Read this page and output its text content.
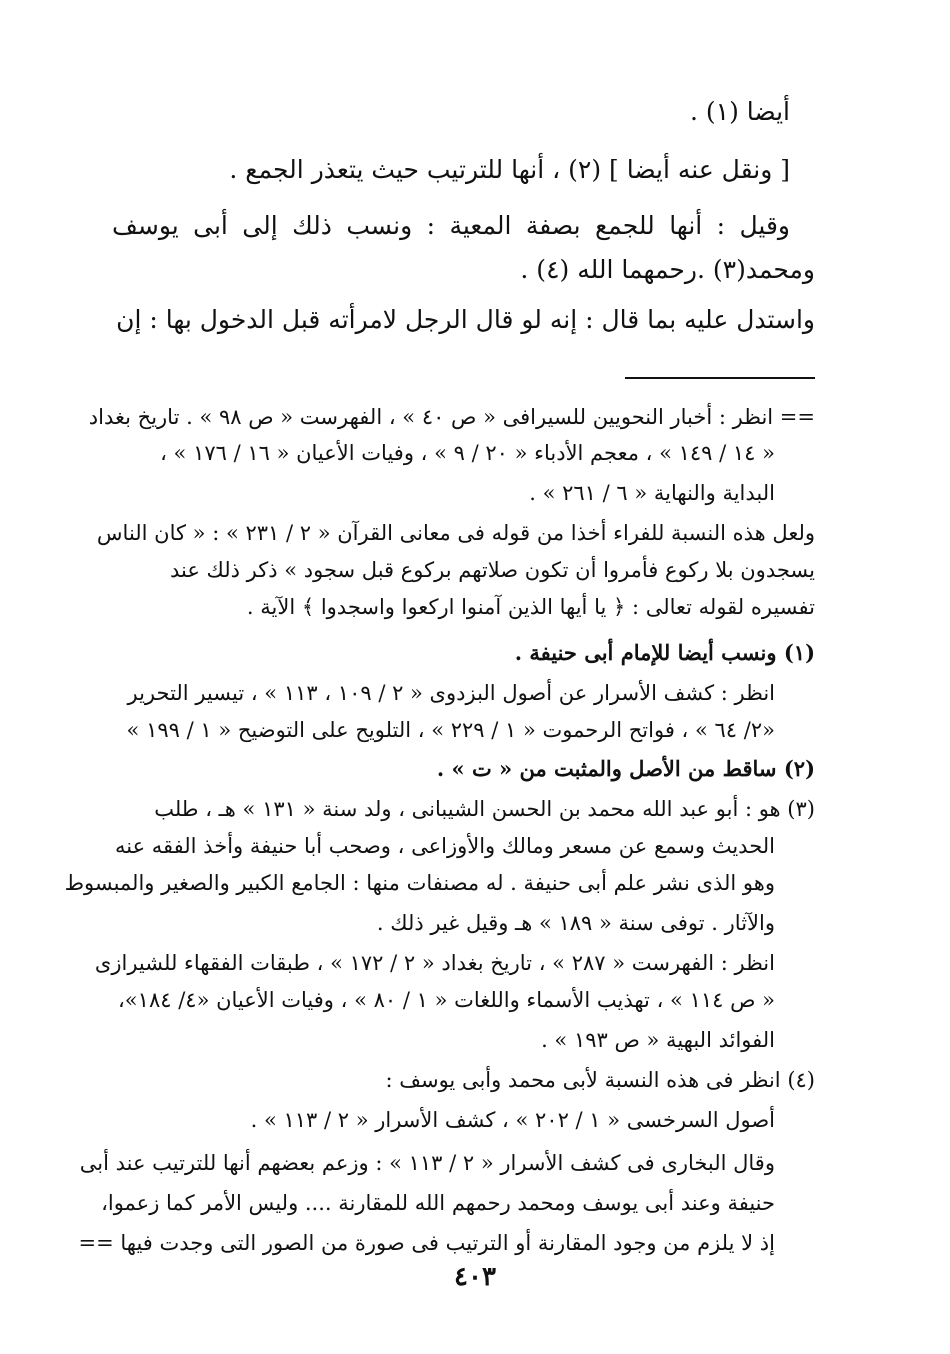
أيضا ‏(١)‏ .
[ ونقل عنه أيضا ] ‏(٢)‏ ، أنها للترتيب حيث يتعذر الجمع .
وقيل : أنها للجمع بصفة المعية : ونسب ذلك إلى أبى يوسف
ومحمد‏(٣)‏ .رحمهما الله ‏(٤)‏ .
واستدل عليه بما قال : إنه لو قال الرجل لامرأته قبل الدخول بها : إن
== انظر : أخبار النحويين للسيرافى « ص ٤٠ » ، الفهرست « ص ٩٨ » . تاريخ بغداد
« ١٤ / ١٤٩ » ، معجم الأدباء « ٢٠ / ٩ » ، وفيات الأعيان « ١٦ / ١٧٦ » ،
البداية والنهاية « ٦ / ٢٦١ » .
ولعل هذه النسبة للفراء أخذا من قوله فى معانى القرآن « ٢ / ٢٣١ » : « كان الناس
يسجدون بلا ركوع فأمروا أن تكون صلاتهم بركوع قبل سجود » ذكر ذلك عند
تفسيره لقوله تعالى : ﴿ يا أيها الذين آمنوا اركعوا واسجدوا ﴾ الآية .
(١) ونسب أيضا للإمام أبى حنيفة .
انظر : كشف الأسرار عن أصول البزدوى « ٢ / ١٠٩ ، ١١٣ » ، تيسير التحرير
«٢/ ٦٤ » ، فواتح الرحموت « ١ / ٢٢٩ » ، التلويح على التوضيح « ١ / ١٩٩ »
(٢) ساقط من الأصل والمثبت من « ت » .
(٣) هو : أبو عبد الله محمد بن الحسن الشيبانى ، ولد سنة « ١٣١ » هـ ، طلب
الحديث وسمع عن مسعر ومالك والأوزاعى ، وصحب أبا حنيفة وأخذ الفقه عنه
وهو الذى نشر علم أبى حنيفة . له مصنفات منها : الجامع الكبير والصغير والمبسوط
والآثار . توفى سنة « ١٨٩ » هـ وقيل غير ذلك .
انظر : الفهرست « ٢٨٧ » ، تاريخ بغداد « ٢ / ١٧٢ » ، طبقات الفقهاء للشيرازى
« ص ١١٤ » ، تهذيب الأسماء واللغات « ١ / ٨٠ » ، وفيات الأعيان «٤/ ١٨٤»،
الفوائد البهية « ص ١٩٣ » .
(٤) انظر فى هذه النسبة لأبى محمد وأبى يوسف :
أصول السرخسى « ١ / ٢٠٢ » ، كشف الأسرار « ٢ / ١١٣ » .
وقال البخارى فى كشف الأسرار « ٢ / ١١٣ » : وزعم بعضهم أنها للترتيب عند أبى
حنيفة وعند أبى يوسف ومحمد رحمهم الله للمقارنة .... وليس الأمر كما زعموا،
إذ لا يلزم من وجود المقارنة أو الترتيب فى صورة من الصور التى وجدت فيها ==
٤٠٣
